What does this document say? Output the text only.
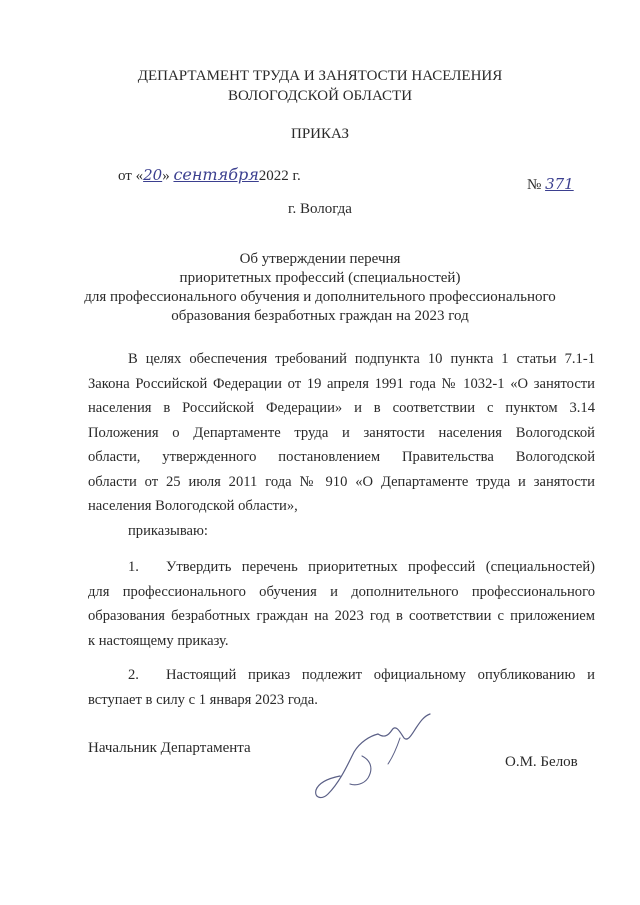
ДЕПАРТАМЕНТ ТРУДА И ЗАНЯТОСТИ НАСЕЛЕНИЯ
ВОЛОГОДСКОЙ ОБЛАСТИ
ПРИКАЗ
от «20» сентября2022 г.
№ 371
г. Вологда
Об утверждении перечня
приоритетных профессий (специальностей)
для профессионального обучения и дополнительного профессионального
образования безработных граждан на 2023 год
В целях обеспечения требований подпункта 10 пункта 1 статьи 7.1-1
Закона Российской Федерации от 19 апреля 1991 года № 1032-1 «О занятости
населения в Российской Федерации» и в соответствии с пунктом 3.14
Положения о Департаменте труда и занятости населения Вологодской
области, утвержденного постановлением Правительства Вологодской
области от 25 июля 2011 года № 910 «О Департаменте труда и занятости
населения Вологодской области»,
приказываю:
1. Утвердить перечень приоритетных профессий (специальностей)
для профессионального обучения и дополнительного профессионального
образования безработных граждан на 2023 год в соответствии с приложением
к настоящему приказу.
2. Настоящий приказ подлежит официальному опубликованию и
вступает в силу с 1 января 2023 года.
Начальник Департамента
О.М. Белов
